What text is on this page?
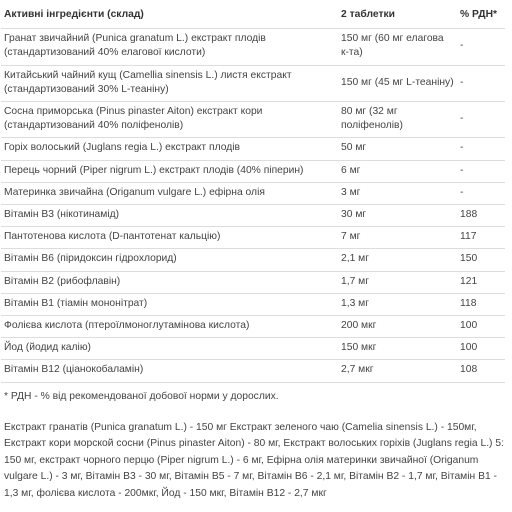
Активні інгредієнти (склад)	2 таблетки	% РДН*
Гранат звичайний (Punica granatum L.) екстракт плодів (стандартизований 40% елагової кислоти)	150 мг (60 мг елагова к-та)	-
Китайський чайний кущ (Camellia sinensis L.) листя екстракт (стандартизований 30% L-теаніну)	150 мг (45 мг L-теаніну)	-
Сосна приморська (Pinus pinaster Aiton) екстракт кори (стандартизований 40% поліфенолів)	80 мг (32 мг поліфенолів)	-
Горіх волоський (Juglans regia L.) екстракт плодів	50 мг	-
Перець чорний (Piper nigrum L.) екстракт плодів (40% піперин)	6 мг	-
Материнка звичайна (Origanum vulgare L.) ефірна олія	3 мг	-
Вітамін В3 (нікотинамід)	30 мг	188
Пантотенова кислота (D-пантотенат кальцію)	7 мг	117
Вітамін В6 (піридоксин гідрохлорид)	2,1 мг	150
Вітамін В2 (рибофлавін)	1,7 мг	121
Вітамін В1 (тіамін мононітрат)	1,3 мг	118
Фолієва кислота (птероїлмоноглутамінова кислота)	200 мкг	100
Йод (йодид калію)	150 мкг	100
Вітамін В12 (ціанокобаламін)	2,7 мкг	108
* РДН - % від рекомендованої добової норми у дорослих.
Екстракт гранатів (Punica granatum L.) - 150 мг Екстракт зеленого чаю (Camelia sinensis L.) - 150мг, Екстракт кори морской сосни (Pinus pinaster Aiton) - 80 мг, Екстракт волоських горіхів (Juglans regia L.) 5: 150 мг, екстракт чорного перцю (Piper nigrum L.) - 6 мг, Ефірна олія материнки звичайної (Origanum vulgare L.) - 3 мг, Вітамін В3 - 30 мг, Вітамін В5 - 7 мг, Вітамін В6 - 2,1 мг, Вітамін В2 - 1,7 мг, Вітамін В1 - 1,3 мг, фолієва кислота - 200мкг, Йод - 150 мкг, Вітамін В12 - 2,7 мкг
